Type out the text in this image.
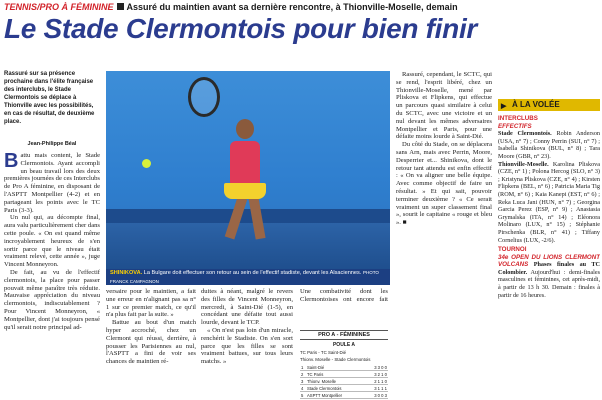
TENNIS/PRO À FÉMININE Assuré du maintien avant sa dernière rencontre, à Thionville-Moselle, demain
Le Stade Clermontois pour bien finir
Rassuré sur sa présence prochaine dans l'élite française des interclubs, le Stade Clermontois se déplace à Thionville avec les possibilités, en cas de résultat, de deuxième place.
Jean-Philippe Béal

Battu mais content, le Stade Clermontois. Ayant accompli un beau travail lors des deux premières journées de ces Interclubs de Pro A féminine, en disposant de l'ASPTT Montpellier (4-2) et en partageant les points avec le TC Paris (3-3).

Un nul qui, au décompte final, aura valu particulièrement cher dans cette poule. « On est quand même incroyablement heureux de s'en sortir parce que le niveau était vraiment relevé, cette année », juge Vincent Monneyron.

De fait, au vu de l'effectif clermontois, la place pour passer pouvait même paraître très réduite. Mauvaise appréciation du niveau clermontois, indiscutablement ? Pour Vincent Monneyron, « Montpellier, dont j'ai toujours pensé qu'il serait notre principal ad-

SHINIKOVA. La Bulgare doit effectuer son retour au sein de l'effectif stadiste, devant les Alsaciennes. PHOTO FRANCK CAMPAGNON

versaire pour le maintien, a fait une erreur en n'alignant pas sa n° 1 sur ce premier match, ce qu'il n'a plus fait par la suite. »

Battue au bout d'un match hyper accroché, chez un Clermont qui réussi, derrière, à pousser les Parisiennes au nul, l'ASPTT a fini de voir ses chances de maintien ré-

duites à néant, malgré le revers des filles de Vincent Monneyron, mercredi, à Saint-Dié (1-5), en concédant une défaite tout aussi lourde, devant le TCP.

« On n'est pas loin d'un miracle, renchérit le Stadiste. On s'en sort parce que les filles se sont vraiment battues, sur tous leurs matchs. »

Une combativité dont les Clermontoises ont encore fait

PRO A - FÉMININES
POULE A
TC Paris - TC Saint-Dié
Thionv. Moselle - Stade Clermontois
1	Saint-Dié	3 3 0 0
2	TC Paris	3 2 1 0
3	Thionv. Moselle	2 1 1 0
4	Stade Clermontois	3 1 1 1
5	ASPTT Montpellier	3 0 0 3

Rassuré, cependant, le SCTC, qui se rend, l'esprit libéré, chez un Thionville-Moselle, mené par Pliskova et Flipkens, qui effectue un parcours quasi similaire à celui du SCTC, avec une victoire et un nul devant les mêmes adversaires Montpellier et Paris, pour une défaite moins lourde à Saint-Dié.

Du côté du Stade, on se déplacera sans Arn, mais avec Perrin, Moore, Desperrier et... Shinikova, dont le retour tant attendu est enfin effectif : « On va aligner une belle équipe. Avec comme objectif de faire un résultat. » Et qui sait, pouvoir terminer deuxième ? « Ce serait vraiment un super classement final », sourit le capitaine « rouge et bleu ». ■

▶ À LA VOLÉE
INTERCLUBS
EFFECTIFS

Stade Clermontois. Robin Anderson (USA, n° 7) ; Conny Perrin (SUI, n° 7) ; Isabella Shinikova (BUL, n° 8) ; Tara Moore (GBR, n° 23).

Thionville-Moselle. Karolina Pliskova (CZE, n° 1) ; Polona Hercog (SLO, n° 3) ; Kristyna Pliskova (CZE, n° 4) ; Kirsten Flipkens (BEL, n° 6) ; Patricia Maria Tig (ROM, n° 6) ; Kaia Kanepi (EST, n° 6) ; Reka Luca Jani (HUN, n° 7) ; Georgina Garcia Perez (ESP, n° 9) ; Anastasia Grymalska (ITA, n° 14) ; Eléonora Molinaro (LUX, n° 15) ; Stéphanie Pirschenka (BLR, n° 41) ; Tiffany Cornelius (LUX, -2/6).

TOURNOI

34e OPEN DU LIONS CLERMONT VOLCANS Phases finales au TC Colombier. Aujourd'hui : demi-finales masculines et féminines, cet après-midi, à partir de 13 h 30. Demain : finales à partir de 16 heures.
